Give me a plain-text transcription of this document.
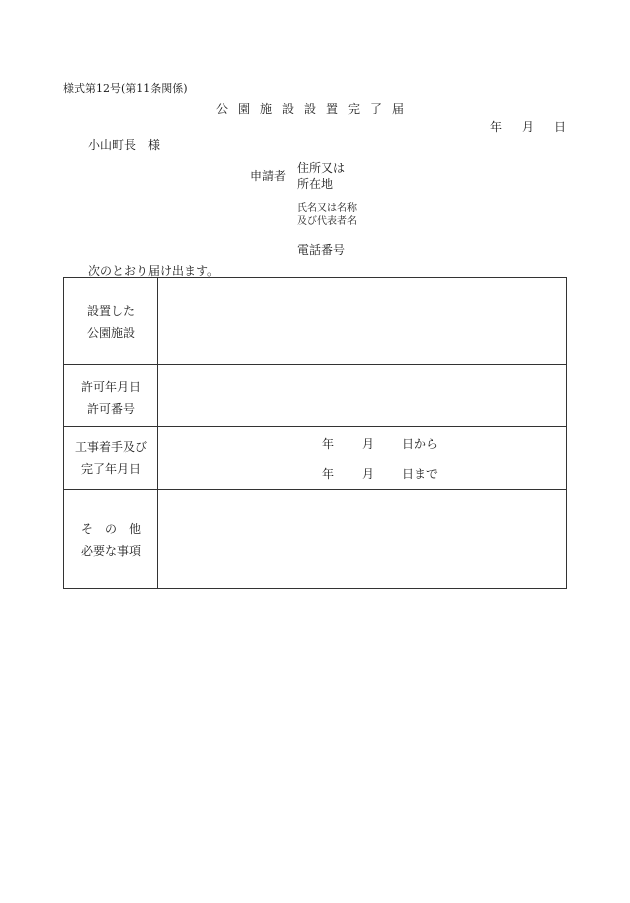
様式第12号(第11条関係)
公園施設設置完了届
年 月 日
小山町長　様
申請者
住所又は
所在地
氏名又は名称
及び代表者名
電話番号
次のとおり届け出ます。
設置した
公園施設
許可年月日
許可番号
工事着手及び
完了年月日
年 月 日から
年 月 日まで
そ　の　他
必要な事項
